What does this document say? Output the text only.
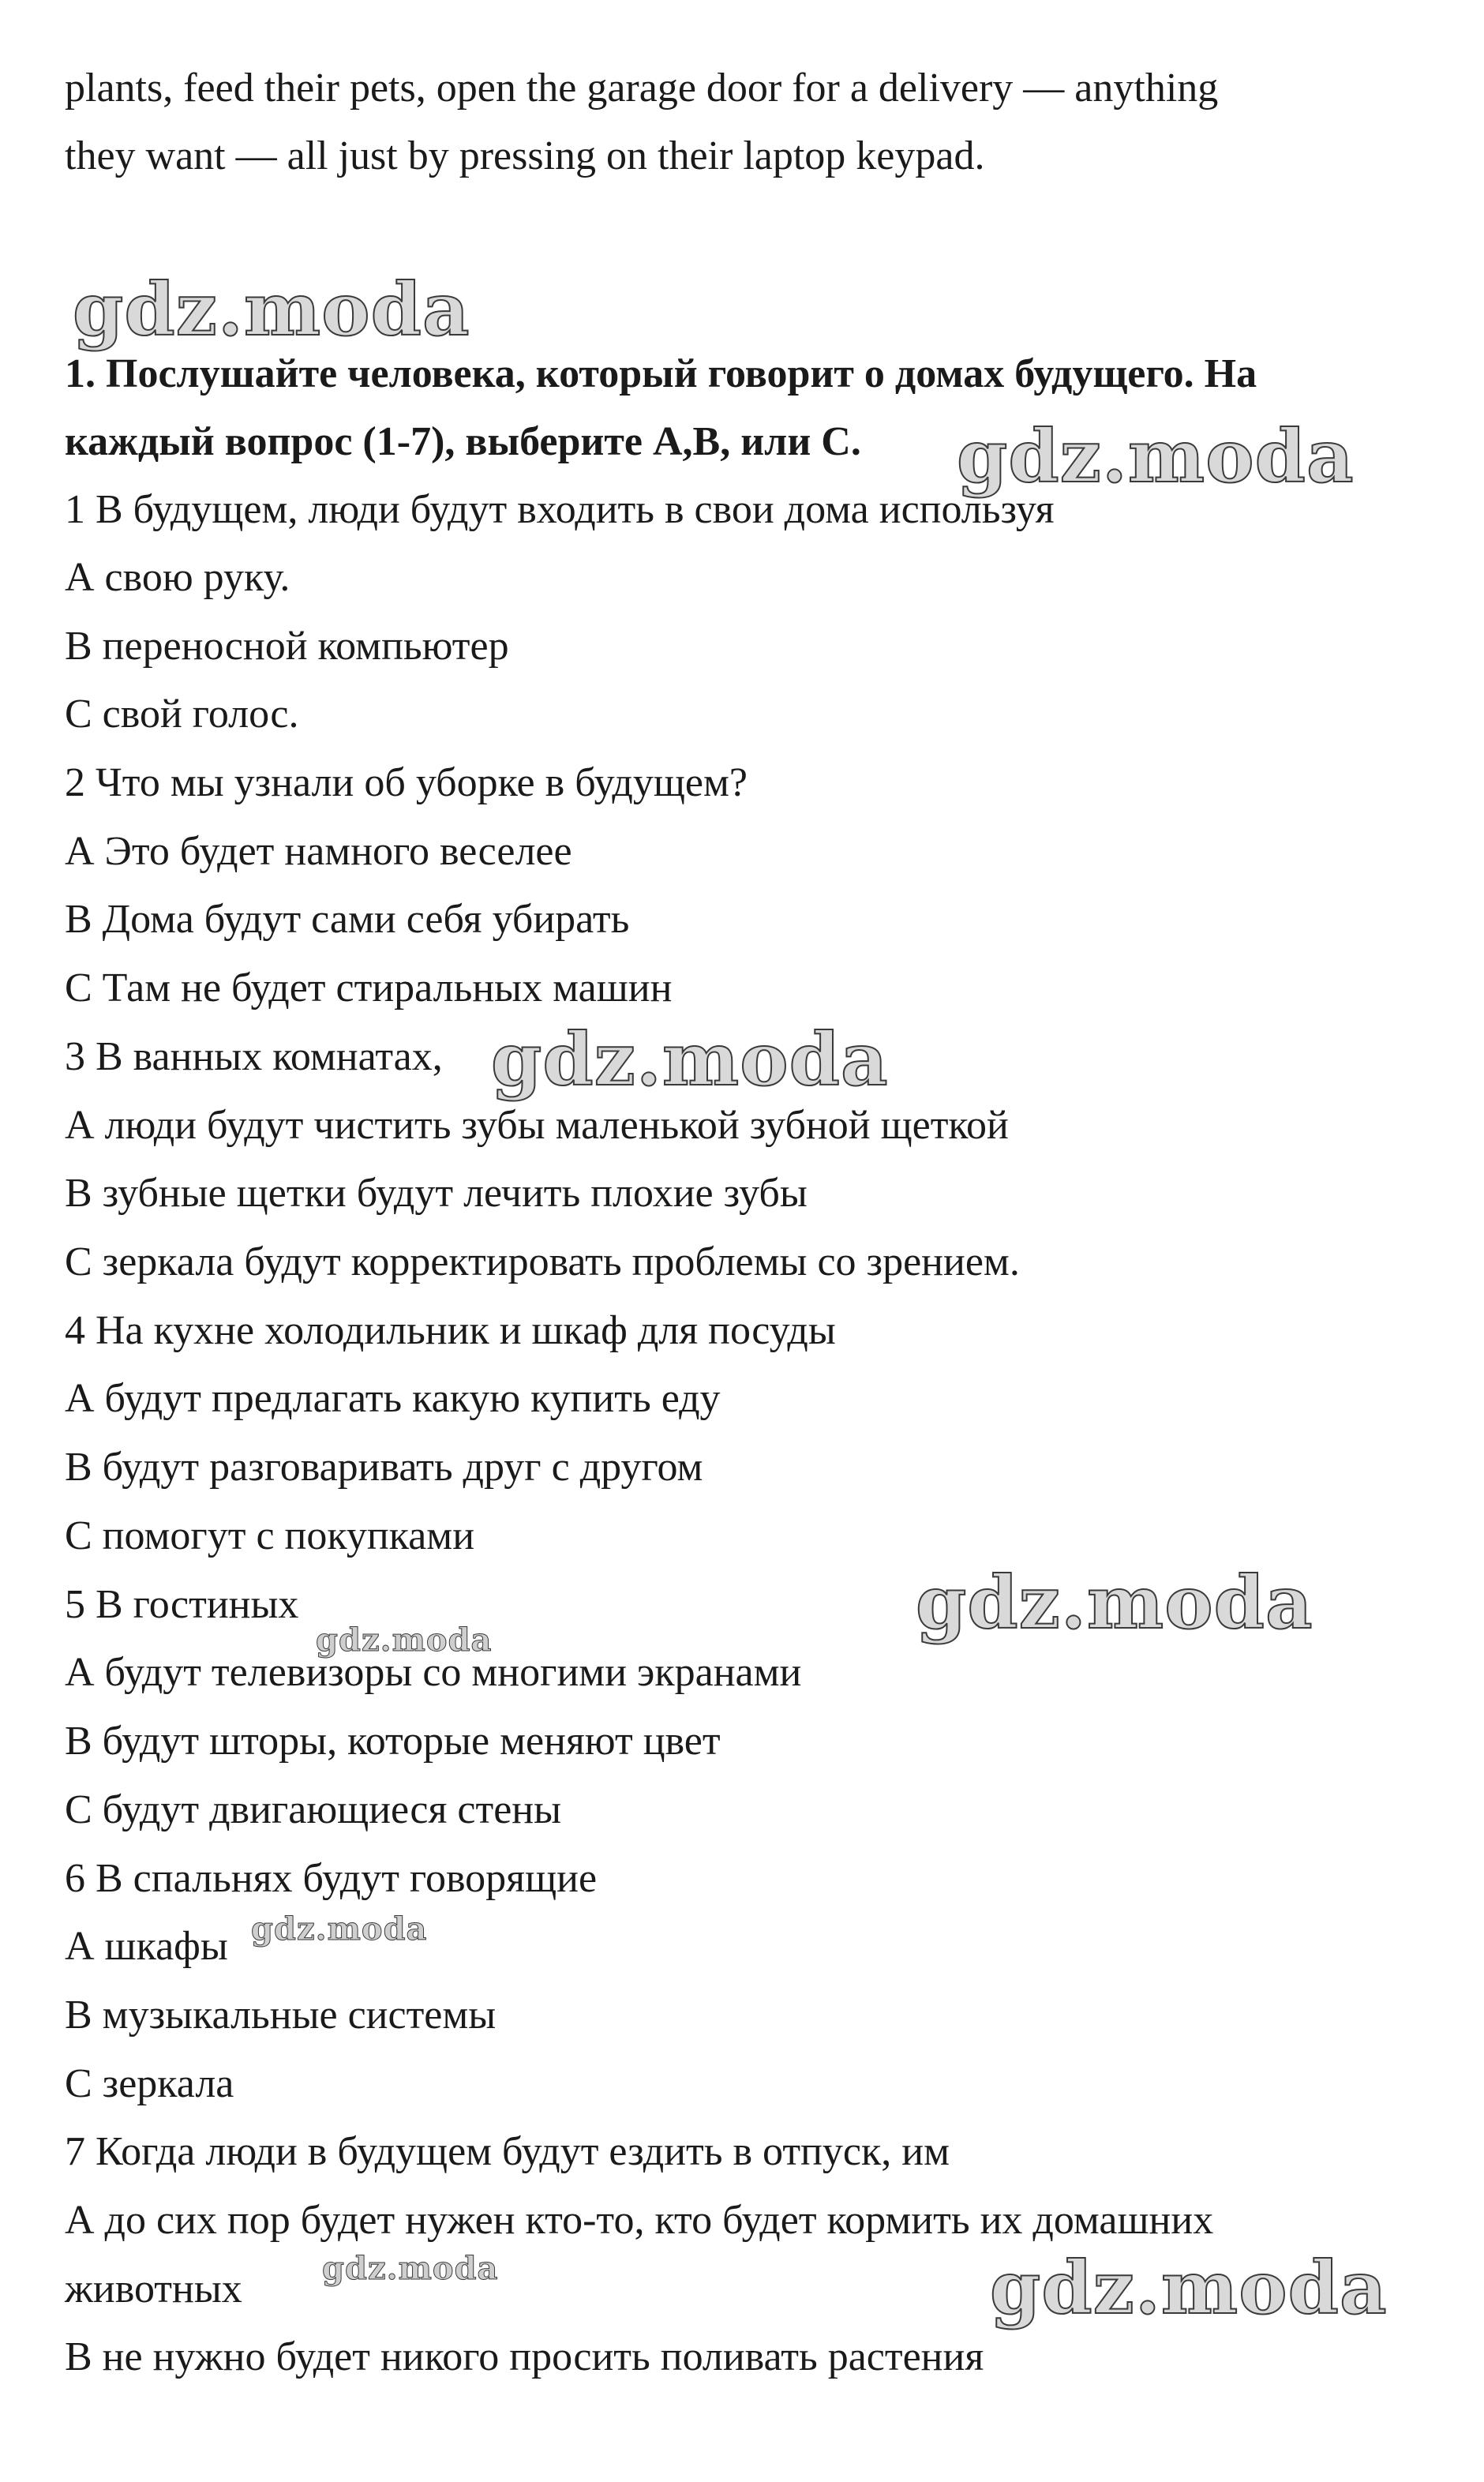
plants, feed their pets, open the garage door for a delivery — anything
they want — all just by pressing on their laptop keypad.
1. Послушайте человека, который говорит о домах будущего. На
каждый вопрос (1-7), выберите А,В, или С.
1 В будущем, люди будут входить в свои дома используя
А свою руку.
В переносной компьютер
С свой голос.
2 Что мы узнали об уборке в будущем?
А Это будет намного веселее
В Дома будут сами себя убирать
С Там не будет стиральных машин
3 В ванных комнатах,
А люди будут чистить зубы маленькой зубной щеткой
В зубные щетки будут лечить плохие зубы
С зеркала будут корректировать проблемы со зрением.
4 На кухне холодильник и шкаф для посуды
А будут предлагать какую купить еду
В будут разговаривать друг с другом
С помогут с покупками
5 В гостиных
А будут телевизоры со многими экранами
В будут шторы, которые меняют цвет
С будут двигающиеся стены
6 В спальнях будут говорящие
А шкафы
В музыкальные системы
С зеркала
7 Когда люди в будущем будут ездить в отпуск, им
А до сих пор будет нужен кто-то, кто будет кормить их домашних
животных
В не нужно будет никого просить поливать растения
gdz.moda
gdz.moda
gdz.moda
gdz.moda
gdz.moda
gdz.moda
gdz.moda	gdz.moda
